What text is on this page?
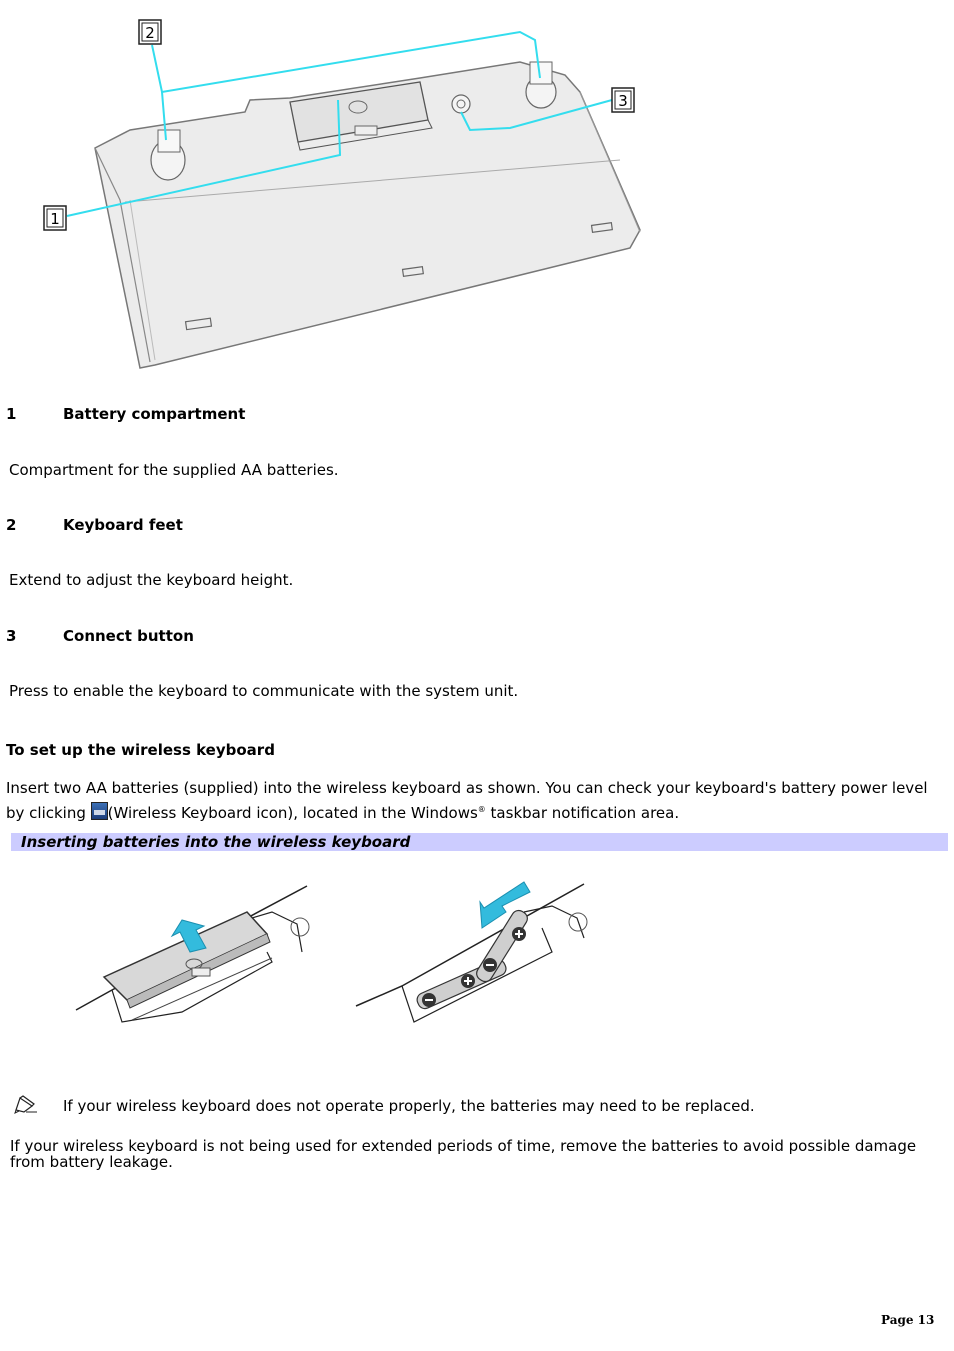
1
2
3
1	Battery compartment
Compartment for the supplied AA batteries.
2	Keyboard feet
Extend to adjust the keyboard height.
3	Connect button
Press to enable the keyboard to communicate with the system unit.
To set up the wireless keyboard
Insert two AA batteries (supplied) into the wireless keyboard as shown. You can check your keyboard's battery power level
by clicking
(Wireless Keyboard icon), located in the Windows® taskbar notification area.
Inserting batteries into the wireless keyboard
If your wireless keyboard does not operate properly, the batteries may need to be replaced.
If your wireless keyboard is not being used for extended periods of time, remove the batteries to avoid possible damage
from battery leakage.
Page 13
